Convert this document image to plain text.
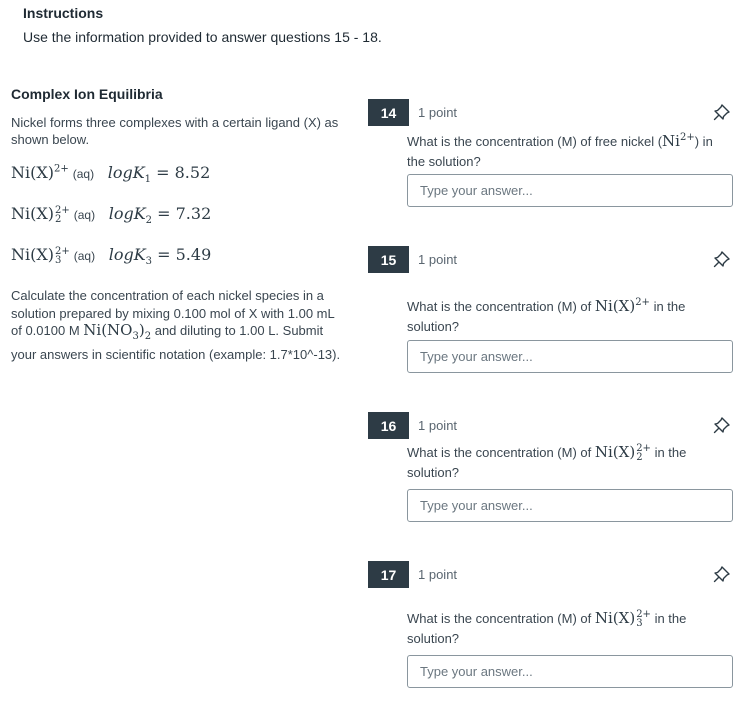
Instructions
Use the information provided to answer questions 15 - 18.

Complex Ion Equilibria

Nickel forms three complexes with a certain ligand (X) as shown below.

$Ni(X)^{2+}$ (aq) logK$_1$ = 8.52
Ni(X) 2+
2	(aq) logK$_2$ = 7.32
Ni(X) 2+
3	(aq) logK$_3$ = 5.49
Calculate the concentration of each nickel species in a solution prepared by mixing 0.100 mol of X with 1.00 mL of 0.0100 M $Ni(NO_3)_2$ and diluting to 1.00 L. Submit your answers in scientific notation (example: 1.7*10^-13).
14	1 point
What is the concentration (M) of free nickel $(Ni^{2+})$ in the solution?
Type your answer...
15	1 point
What is the concentration (M) of $Ni(X)^{2+}$ in the solution?
Type your answer...
16	1 point
What is the concentration (M) of Ni(X) 2+
2 in the solution?
Type your answer...
17	1 point
What is the concentration (M) of Ni(X) 2+
3 in the solution?
Type your answer...
